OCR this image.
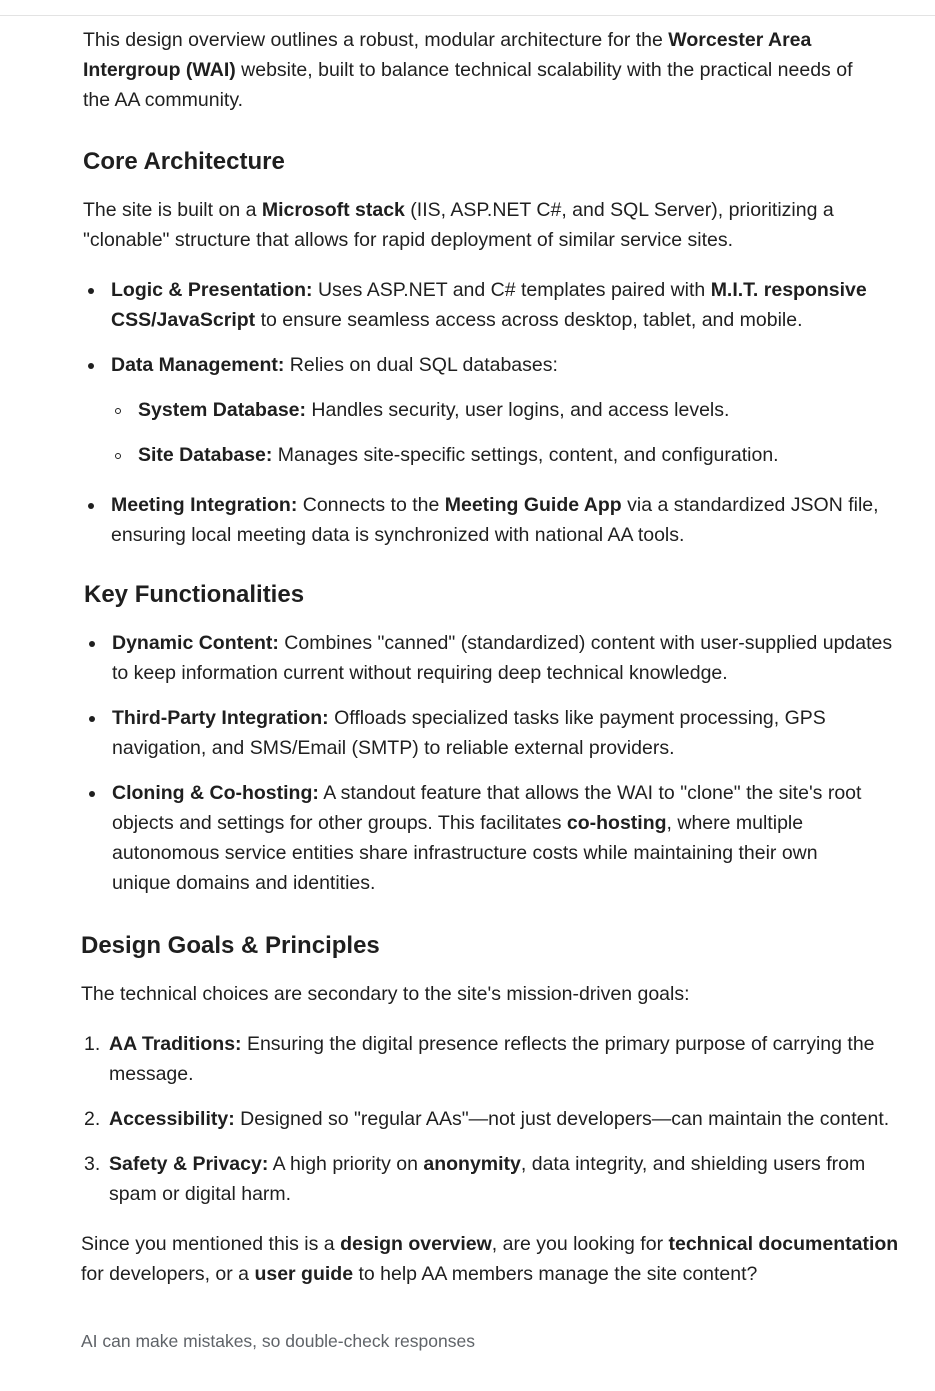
This design overview outlines a robust, modular architecture for the Worcester Area

Intergroup (WAI) website, built to balance technical scalability with the practical needs of

the AA community.

Core Architecture

The site is built on a Microsoft stack (IIS, ASP.NET C#, and SQL Server), prioritizing a

"clonable" structure that allows for rapid deployment of similar service sites.

Logic & Presentation: Uses ASP.NET and C# templates paired with M.I.T. responsive

CSS/JavaScript to ensure seamless access across desktop, tablet, and mobile.

Data Management: Relies on dual SQL databases:

System Database: Handles security, user logins, and access levels.

Site Database: Manages site-specific settings, content, and configuration.

Meeting Integration: Connects to the Meeting Guide App via a standardized JSON file,

ensuring local meeting data is synchronized with national AA tools.

Key Functionalities

Dynamic Content: Combines "canned" (standardized) content with user-supplied updates

to keep information current without requiring deep technical knowledge.

Third-Party Integration: Offloads specialized tasks like payment processing, GPS

navigation, and SMS/Email (SMTP) to reliable external providers.

Cloning & Co-hosting: A standout feature that allows the WAI to "clone" the site's root

objects and settings for other groups. This facilitates co-hosting, where multiple

autonomous service entities share infrastructure costs while maintaining their own

unique domains and identities.

Design Goals & Principles

The technical choices are secondary to the site's mission-driven goals:

1. AA Traditions: Ensuring the digital presence reflects the primary purpose of carrying the

message.

2. Accessibility: Designed so "regular AAs"—not just developers—can maintain the content.

3. Safety & Privacy: A high priority on anonymity, data integrity, and shielding users from

spam or digital harm.

Since you mentioned this is a design overview, are you looking for technical documentation

for developers, or a user guide to help AA members manage the site content?

AI can make mistakes, so double-check responses
